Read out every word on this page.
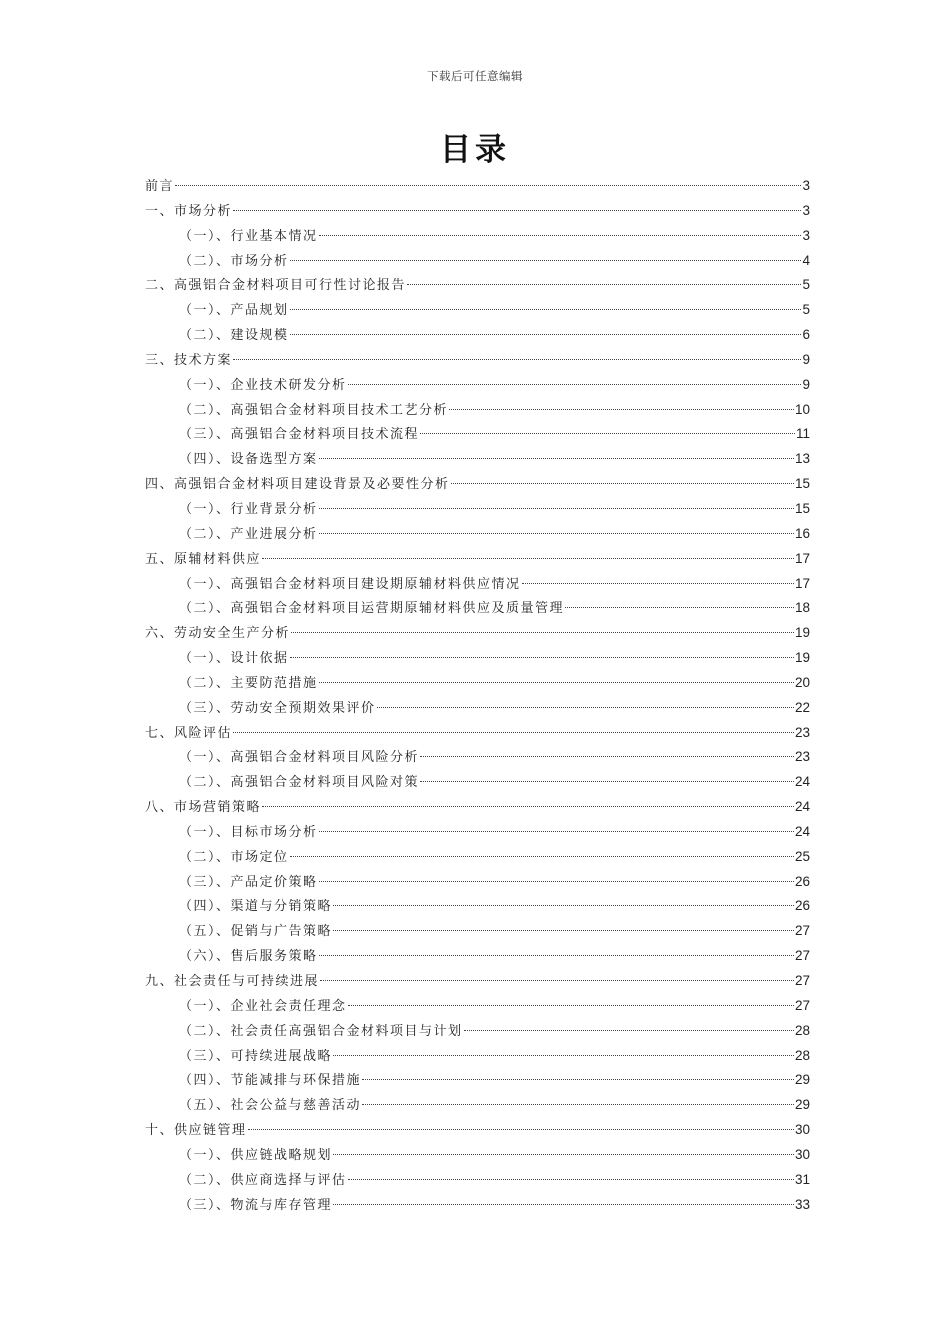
下载后可任意编辑
目录
前言	3
一、市场分析	3
（一）、行业基本情况	3
（二）、市场分析	4
二、高强铝合金材料项目可行性讨论报告	5
（一）、产品规划	5
（二）、建设规模	6
三、技术方案	9
（一）、企业技术研发分析	9
（二）、高强铝合金材料项目技术工艺分析	10
（三）、高强铝合金材料项目技术流程	11
（四）、设备选型方案	13
四、高强铝合金材料项目建设背景及必要性分析	15
（一）、行业背景分析	15
（二）、产业进展分析	16
五、原辅材料供应	17
（一）、高强铝合金材料项目建设期原辅材料供应情况	17
（二）、高强铝合金材料项目运营期原辅材料供应及质量管理	18
六、劳动安全生产分析	19
（一）、设计依据	19
（二）、主要防范措施	20
（三）、劳动安全预期效果评价	22
七、风险评估	23
（一）、高强铝合金材料项目风险分析	23
（二）、高强铝合金材料项目风险对策	24
八、市场营销策略	24
（一）、目标市场分析	24
（二）、市场定位	25
（三）、产品定价策略	26
（四）、渠道与分销策略	26
（五）、促销与广告策略	27
（六）、售后服务策略	27
九、社会责任与可持续进展	27
（一）、企业社会责任理念	27
（二）、社会责任高强铝合金材料项目与计划	28
（三）、可持续进展战略	28
（四）、节能减排与环保措施	29
（五）、社会公益与慈善活动	29
十、供应链管理	30
（一）、供应链战略规划	30
（二）、供应商选择与评估	31
（三）、物流与库存管理	33
